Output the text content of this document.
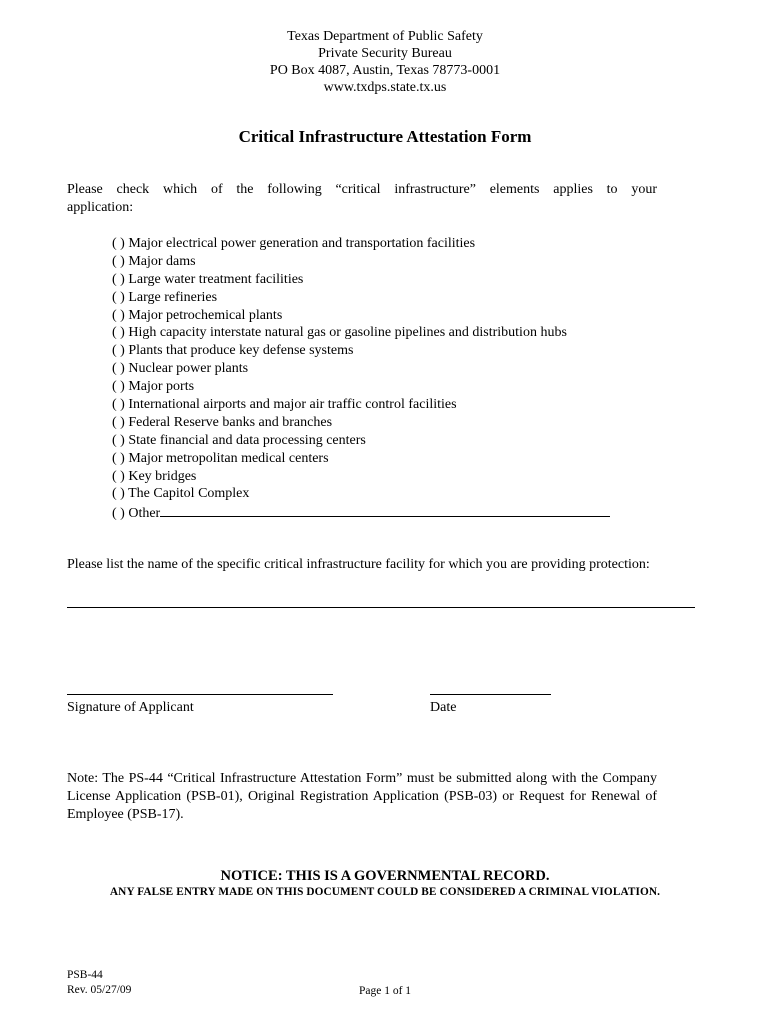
Texas Department of Public Safety
Private Security Bureau
PO Box 4087, Austin, Texas 78773-0001
www.txdps.state.tx.us
Critical Infrastructure Attestation Form
Please check which of the following “critical infrastructure” elements applies to your
application:
( ) Major electrical power generation and transportation facilities
( ) Major dams
( ) Large water treatment facilities
( ) Large refineries
( ) Major petrochemical plants
( ) High capacity interstate natural gas or gasoline pipelines and distribution hubs
( ) Plants that produce key defense systems
( ) Nuclear power plants
( ) Major ports
( ) International airports and major air traffic control facilities
( ) Federal Reserve banks and branches
( ) State financial and data processing centers
( ) Major metropolitan medical centers
( ) Key bridges
( ) The Capitol Complex
( ) Other
Please list the name of the specific critical infrastructure facility for which you are providing protection:
Signature of Applicant	Date
Note: The PS-44 “Critical Infrastructure Attestation Form” must be submitted along with the Company License Application (PSB-01), Original Registration Application (PSB-03) or Request for Renewal of Employee (PSB-17).
NOTICE: THIS IS A GOVERNMENTAL RECORD.
ANY FALSE ENTRY MADE ON THIS DOCUMENT COULD BE CONSIDERED A CRIMINAL VIOLATION.
PSB-44
Rev. 05/27/09	Page 1 of 1
